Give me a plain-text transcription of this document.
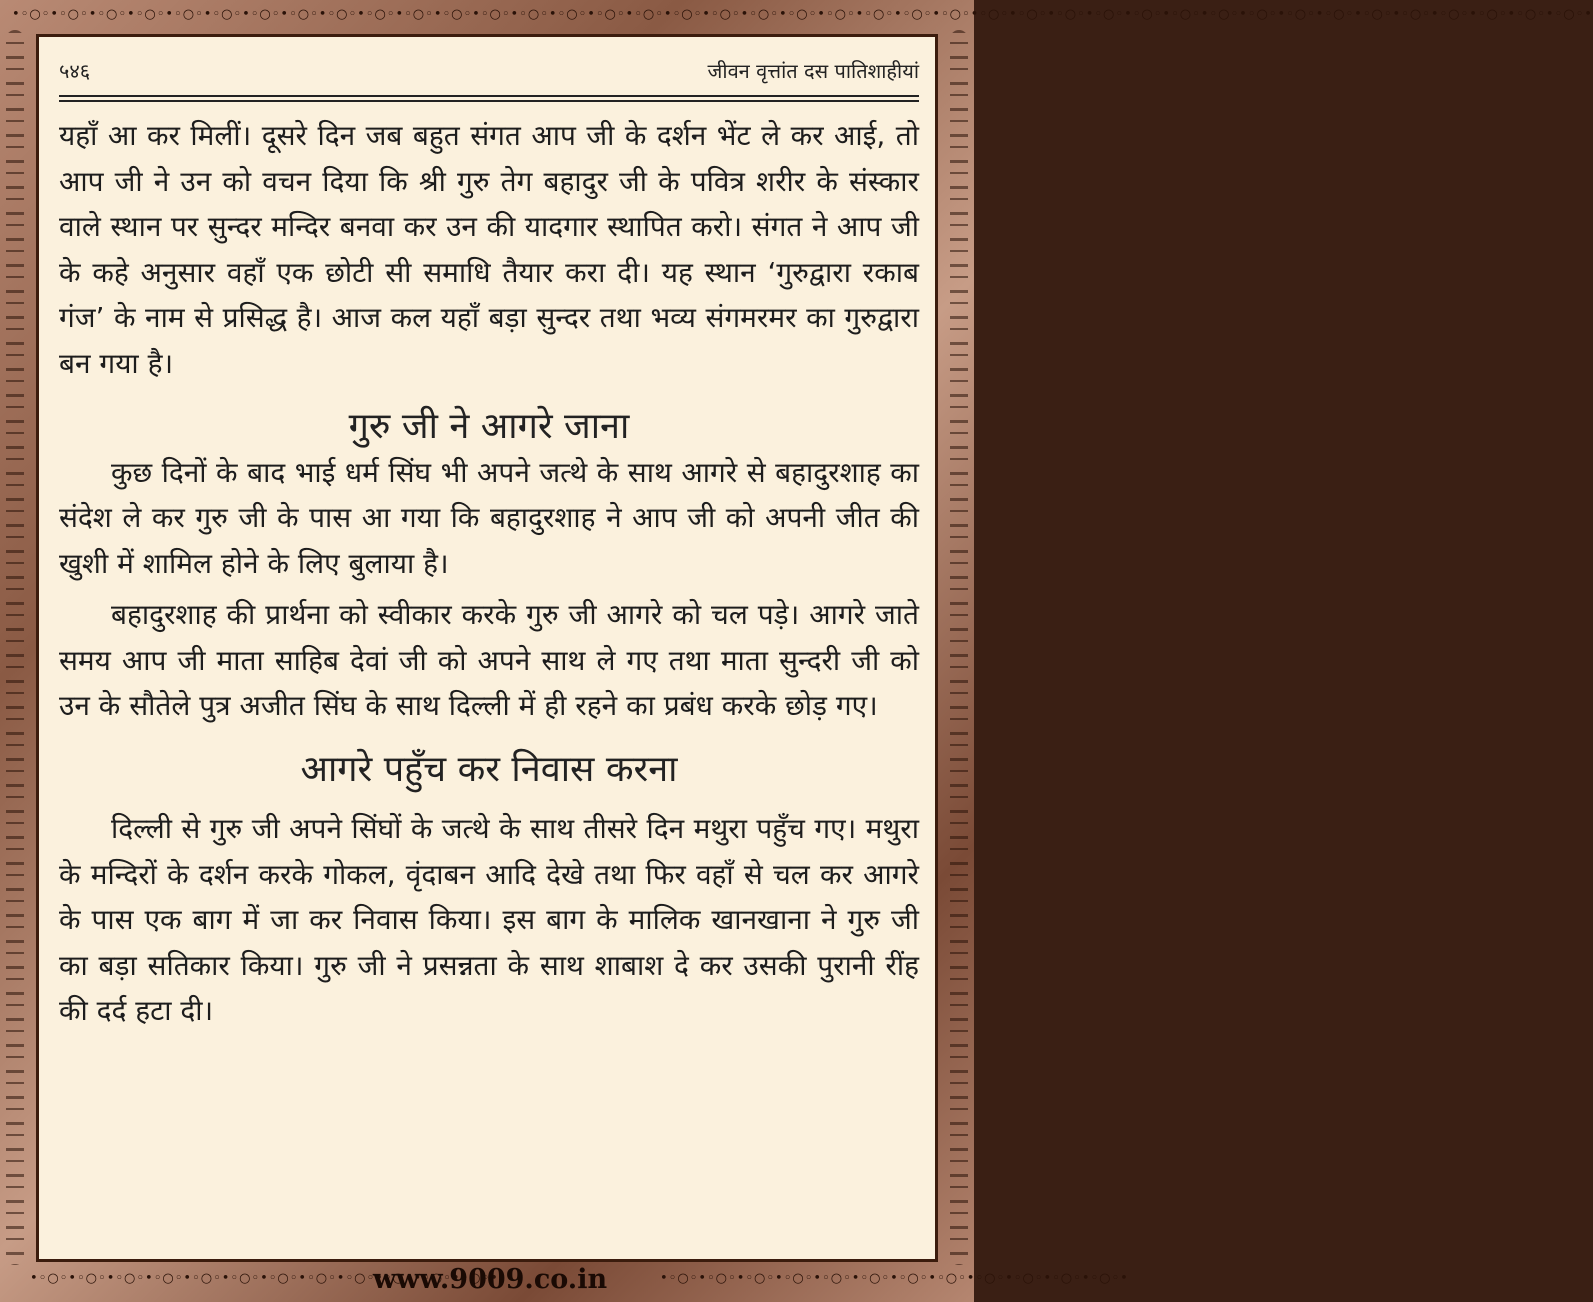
•◦○◦•◦○◦•◦○◦•◦○◦•◦○◦•◦○◦•◦○◦•◦○◦•◦○◦•◦○◦•◦○◦•◦○◦•◦○◦•◦○◦•◦○◦•◦○◦•◦○◦•◦○◦•◦○◦•◦○◦•◦○◦•◦○◦•◦○◦•◦○◦•◦○◦•◦○◦•◦○◦•◦○◦•◦○◦•◦○◦•◦○◦•◦○◦•◦○◦•◦○◦•◦○◦•◦○◦•◦○◦•◦○◦•◦○◦•◦○◦•◦○◦•
•◦○◦•◦○◦•◦○◦•◦○◦•◦○◦•◦○◦•◦○◦•◦○◦•◦○◦•◦○◦•◦○◦•◦○◦•	•◦○◦•◦○◦•◦○◦•◦○◦•◦○◦•◦○◦•◦○◦•◦○◦•◦○◦•◦○◦•◦○◦•◦○◦•
www.9009.co.in
५४६	जीवन वृत्तांत दस पातिशाहीयां

यहाँ आ कर मिलीं। दूसरे दिन जब बहुत संगत आप जी के दर्शन भेंट ले कर आई, तो आप जी ने उन को वचन दिया कि श्री गुरु तेग बहादुर जी के पवित्र शरीर के संस्कार वाले स्थान पर सुन्दर मन्दिर बनवा कर उन की यादगार स्थापित करो। संगत ने आप जी के कहे अनुसार वहाँ एक छोटी सी समाधि तैयार करा दी। यह स्थान ‘गुरुद्वारा रकाब गंज’ के नाम से प्रसिद्ध है। आज कल यहाँ बड़ा सुन्दर तथा भव्य संगमरमर का गुरुद्वारा बन गया है।

गुरु जी ने आगरे जाना

कुछ दिनों के बाद भाई धर्म सिंघ भी अपने जत्थे के साथ आगरे से बहादुरशाह का संदेश ले कर गुरु जी के पास आ गया कि बहादुरशाह ने आप जी को अपनी जीत की खुशी में शामिल होने के लिए बुलाया है।

बहादुरशाह की प्रार्थना को स्वीकार करके गुरु जी आगरे को चल पड़े। आगरे जाते समय आप जी माता साहिब देवां जी को अपने साथ ले गए तथा माता सुन्दरी जी को उन के सौतेले पुत्र अजीत सिंघ के साथ दिल्ली में ही रहने का प्रबंध करके छोड़ गए।

आगरे पहुँच कर निवास करना

दिल्ली से गुरु जी अपने सिंघों के जत्थे के साथ तीसरे दिन मथुरा पहुँच गए। मथुरा के मन्दिरों के दर्शन करके गोकल, वृंदाबन आदि देखे तथा फिर वहाँ से चल कर आगरे के पास एक बाग में जा कर निवास किया। इस बाग के मालिक खानखाना ने गुरु जी का बड़ा सतिकार किया। गुरु जी ने प्रसन्नता के साथ शाबाश दे कर उसकी पुरानी रींह की दर्द हटा दी।
